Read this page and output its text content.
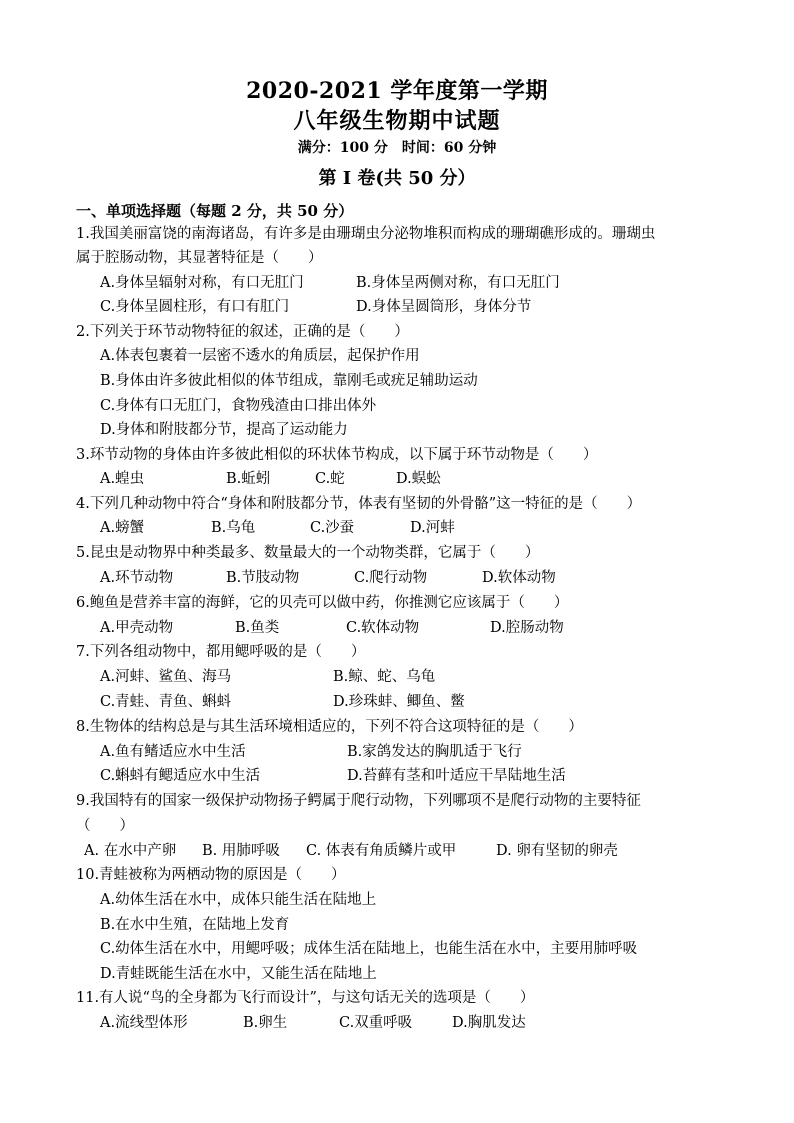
2020-2021 学年度第一学期
八年级生物期中试题
满分：100 分　时间：60 分钟
第 I 卷(共 50 分）
一、单项选择题（每题 2 分，共 50 分）
1.我国美丽富饶的南海诸岛，有许多是由珊瑚虫分泌物堆积而构成的珊瑚礁形成的。珊瑚虫
属于腔肠动物，其显著特征是（　　）
A.身体呈辐射对称，有口无肛门	B.身体呈两侧对称，有口无肛门
C.身体呈圆柱形，有口有肛门	D.身体呈圆筒形，身体分节
2.下列关于环节动物特征的叙述，正确的是（　　）
A.体表包裹着一层密不透水的角质层，起保护作用
B.身体由许多彼此相似的体节组成，靠刚毛或疣足辅助运动
C.身体有口无肛门，食物残渣由口排出体外
D.身体和附肢都分节，提高了运动能力
3.环节动物的身体由许多彼此相似的环状体节构成，以下属于环节动物是（　　）
A.蝗虫	B.蚯蚓	C.蛇	D.蜈蚣
4.下列几种动物中符合“身体和附肢都分节，体表有坚韧的外骨骼”这一特征的是（　　）
A.螃蟹	B.乌龟	C.沙蚕	D.河蚌
5.昆虫是动物界中种类最多、数量最大的一个动物类群，它属于（　　）
A.环节动物	B.节肢动物	C.爬行动物	D.软体动物
6.鲍鱼是营养丰富的海鲜，它的贝壳可以做中药，你推测它应该属于（　　）
A.甲壳动物	B.鱼类	C.软体动物	D.腔肠动物
7.下列各组动物中，都用鳃呼吸的是（　　）
A.河蚌、鲨鱼、海马	B.鲸、蛇、乌龟
C.青蛙、青鱼、蝌蚪	D.珍珠蚌、鲫鱼、鳖
8.生物体的结构总是与其生活环境相适应的，下列不符合这项特征的是（　　）
A.鱼有鳍适应水中生活	B.家鸽发达的胸肌适于飞行
C.蝌蚪有鳃适应水中生活	D.苔藓有茎和叶适应干旱陆地生活
9.我国特有的国家一级保护动物扬子鳄属于爬行动物，下列哪项不是爬行动物的主要特征
（　　）
A. 在水中产卵 B. 用肺呼吸 C. 体表有角质鳞片或甲	D. 卵有坚韧的卵壳
10.青蛙被称为两栖动物的原因是（　　）
A.幼体生活在水中，成体只能生活在陆地上
B.在水中生殖，在陆地上发育
C.幼体生活在水中，用鳃呼吸；成体生活在陆地上，也能生活在水中，主要用肺呼吸
D.青蛙既能生活在水中，又能生活在陆地上
11.有人说“鸟的全身都为飞行而设计”，与这句话无关的选项是（　　）
A.流线型体形	B.卵生	C.双重呼吸	D.胸肌发达
